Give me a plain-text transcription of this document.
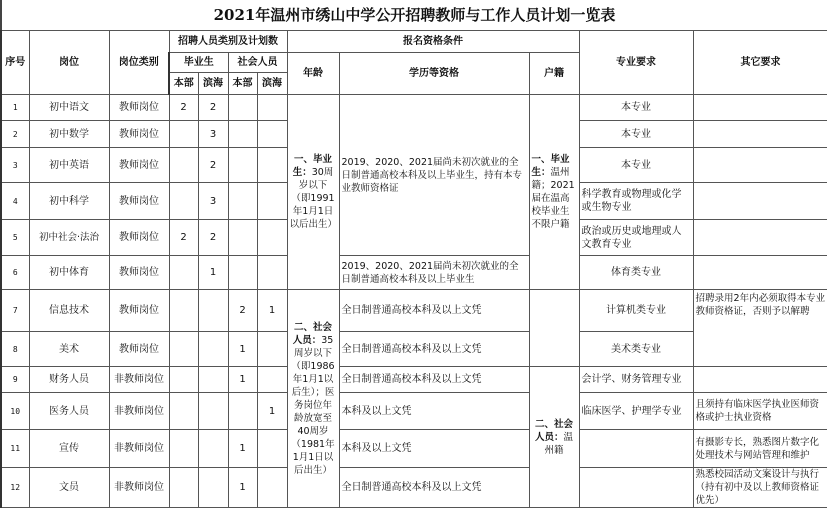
2021年温州市绣山中学公开招聘教师与工作人员计划一览表
序号	岗位	岗位类别	招聘人员类别及计划数				报名资格条件			专业要求	其它要求
			毕业生		社会人员		年龄	学历等资格	户籍		
			本部	滨海	本部	滨海					
1	初中语文	教师岗位	2	2			一、毕业生：30周岁以下（即1991年1月1日以后出生）	2019、2020、2021届尚未初次就业的全日制普通高校本科及以上毕业生，持有本专业教师资格证	一、毕业生：温州籍；2021届在温高校毕业生不限户籍	本专业	
2	初中数学	教师岗位		3						本专业	
3	初中英语	教师岗位		2						本专业	
4	初中科学	教师岗位		3						科学教育或物理或化学或生物专业	
5	初中社会·法治	教师岗位	2	2						政治或历史或地理或人文教育专业	
6	初中体育	教师岗位		1				2019、2020、2021届尚未初次就业的全日制普通高校本科及以上毕业生		体育类专业	
7	信息技术	教师岗位			2	1	二、社会人员：35周岁以下（即1986年1月1以后生）；医务岗位年龄放宽至40周岁（1981年1月1日以后出生）	全日制普通高校本科及以上文凭		计算机类专业	招聘录用2年内必须取得本专业教师资格证，否则予以解聘
8	美术	教师岗位			1			全日制普通高校本科及以上文凭		美术类专业	
9	财务人员	非教师岗位			1			全日制普通高校本科及以上文凭	二、社会人员：温州籍	会计学、财务管理专业	
10	医务人员	非教师岗位				1		本科及以上文凭		临床医学、护理学专业	且须持有临床医学执业医师资格或护士执业资格
11	宣传	非教师岗位			1			本科及以上文凭			有摄影专长，熟悉图片数字化处理技术与网站管理和维护
12	文员	非教师岗位			1			全日制普通高校本科及以上文凭			熟悉校园活动文案设计与执行（持有初中及以上教师资格证优先）
